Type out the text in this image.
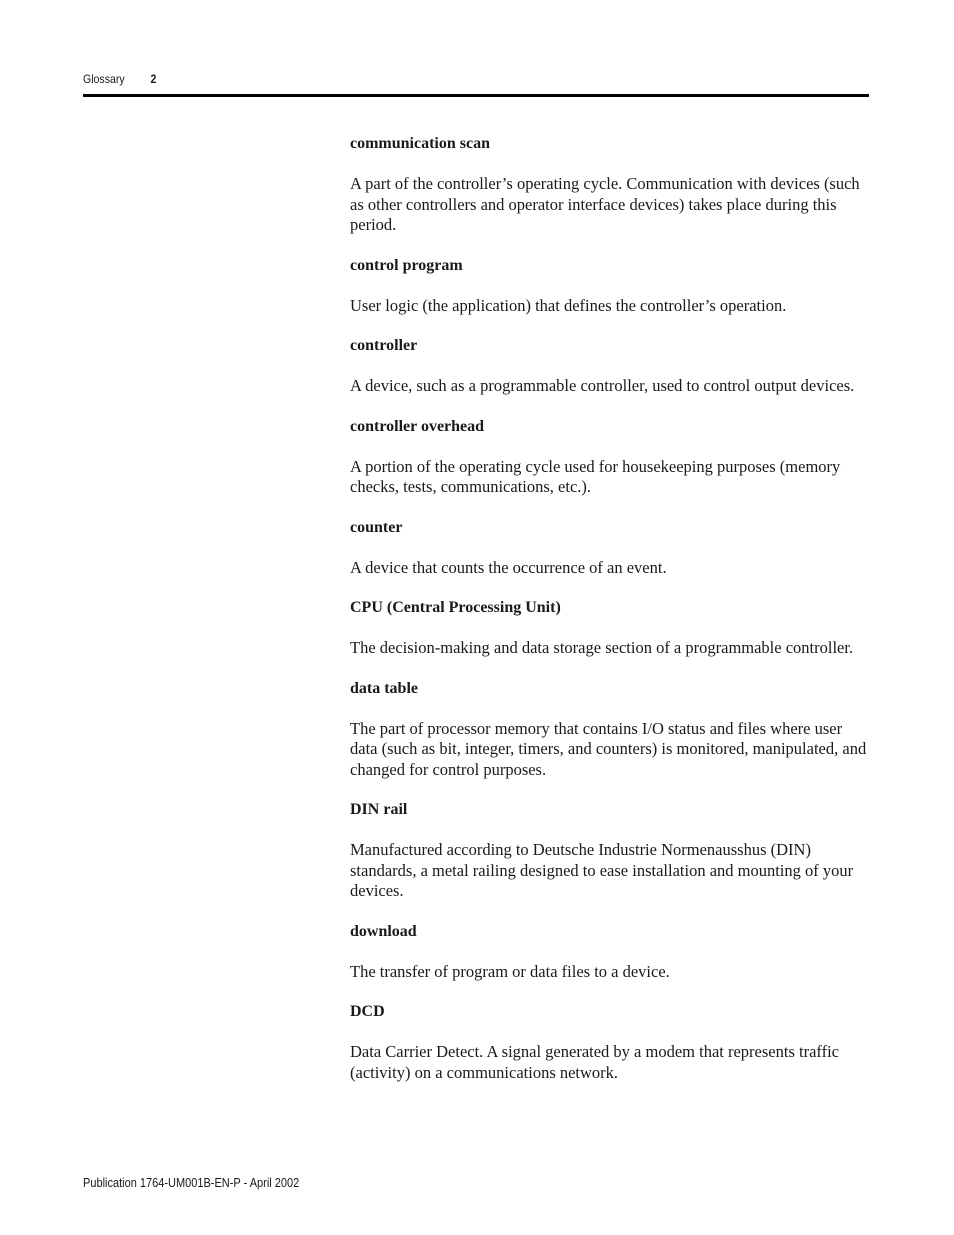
Glossary 2
communication scan
A part of the controller’s operating cycle. Communication with devices (such as other controllers and operator interface devices) takes place during this period.
control program
User logic (the application) that defines the controller’s operation.
controller
A device, such as a programmable controller, used to control output devices.
controller overhead
A portion of the operating cycle used for housekeeping purposes (memory checks, tests, communications, etc.).
counter
A device that counts the occurrence of an event.
CPU (Central Processing Unit)
The decision-making and data storage section of a programmable controller.
data table
The part of processor memory that contains I/O status and files where user data (such as bit, integer, timers, and counters) is monitored, manipulated, and changed for control purposes.
DIN rail
Manufactured according to Deutsche Industrie Normenausshus (DIN) standards, a metal railing designed to ease installation and mounting of your devices.
download
The transfer of program or data files to a device.
DCD
Data Carrier Detect. A signal generated by a modem that represents traffic (activity) on a communications network.
Publication 1764-UM001B-EN-P - April 2002
